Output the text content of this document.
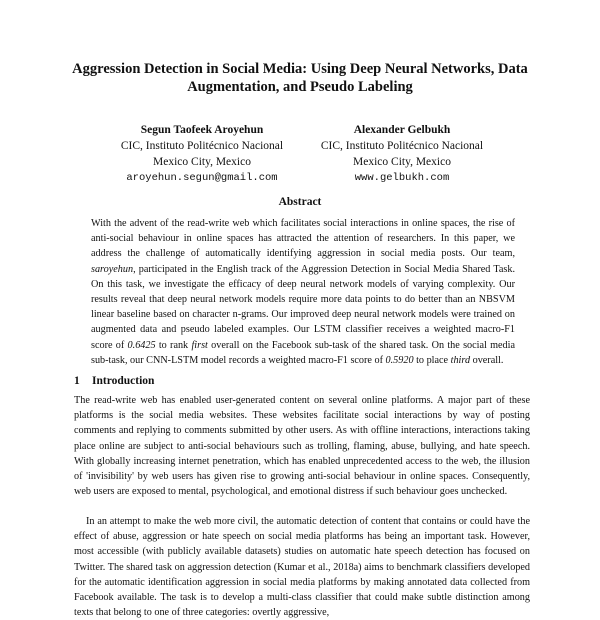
Aggression Detection in Social Media: Using Deep Neural Networks, Data Augmentation, and Pseudo Labeling
Segun Taofeek Aroyehun
CIC, Instituto Politécnico Nacional
Mexico City, Mexico
aroyehun.segun@gmail.com
Alexander Gelbukh
CIC, Instituto Politécnico Nacional
Mexico City, Mexico
www.gelbukh.com
Abstract
With the advent of the read-write web which facilitates social interactions in online spaces, the rise of anti-social behaviour in online spaces has attracted the attention of researchers. In this paper, we address the challenge of automatically identifying aggression in social media posts. Our team, saroyehun, participated in the English track of the Aggression Detection in Social Media Shared Task. On this task, we investigate the efficacy of deep neural network models of varying complexity. Our results reveal that deep neural network models require more data points to do better than an NBSVM linear baseline based on character n-grams. Our improved deep neural network models were trained on augmented data and pseudo labeled examples. Our LSTM classifier receives a weighted macro-F1 score of 0.6425 to rank first overall on the Facebook sub-task of the shared task. On the social media sub-task, our CNN-LSTM model records a weighted macro-F1 score of 0.5920 to place third overall.
1 Introduction
The read-write web has enabled user-generated content on several online platforms. A major part of these platforms is the social media websites. These websites facilitate social interactions by way of posting comments and replying to comments submitted by other users. As with offline interactions, interactions taking place online are subject to anti-social behaviours such as trolling, flaming, abuse, bullying, and hate speech. With globally increasing internet penetration, which has enabled unprecedented access to the web, the illusion of 'invisibility' by web users has given rise to growing anti-social behaviour in online spaces. Consequently, web users are exposed to mental, psychological, and emotional distress if such behaviour goes unchecked.
In an attempt to make the web more civil, the automatic detection of content that contains or could have the effect of abuse, aggression or hate speech on social media platforms has being an important task. However, most accessible (with publicly available datasets) studies on automatic hate speech detection has focused on Twitter. The shared task on aggression detection (Kumar et al., 2018a) aims to benchmark classifiers developed for the automatic identification aggression in social media platforms by making annotated data collected from Facebook available. The task is to develop a multi-class classifier that could make subtle distinction among texts that belong to one of three categories: overtly aggressive,
